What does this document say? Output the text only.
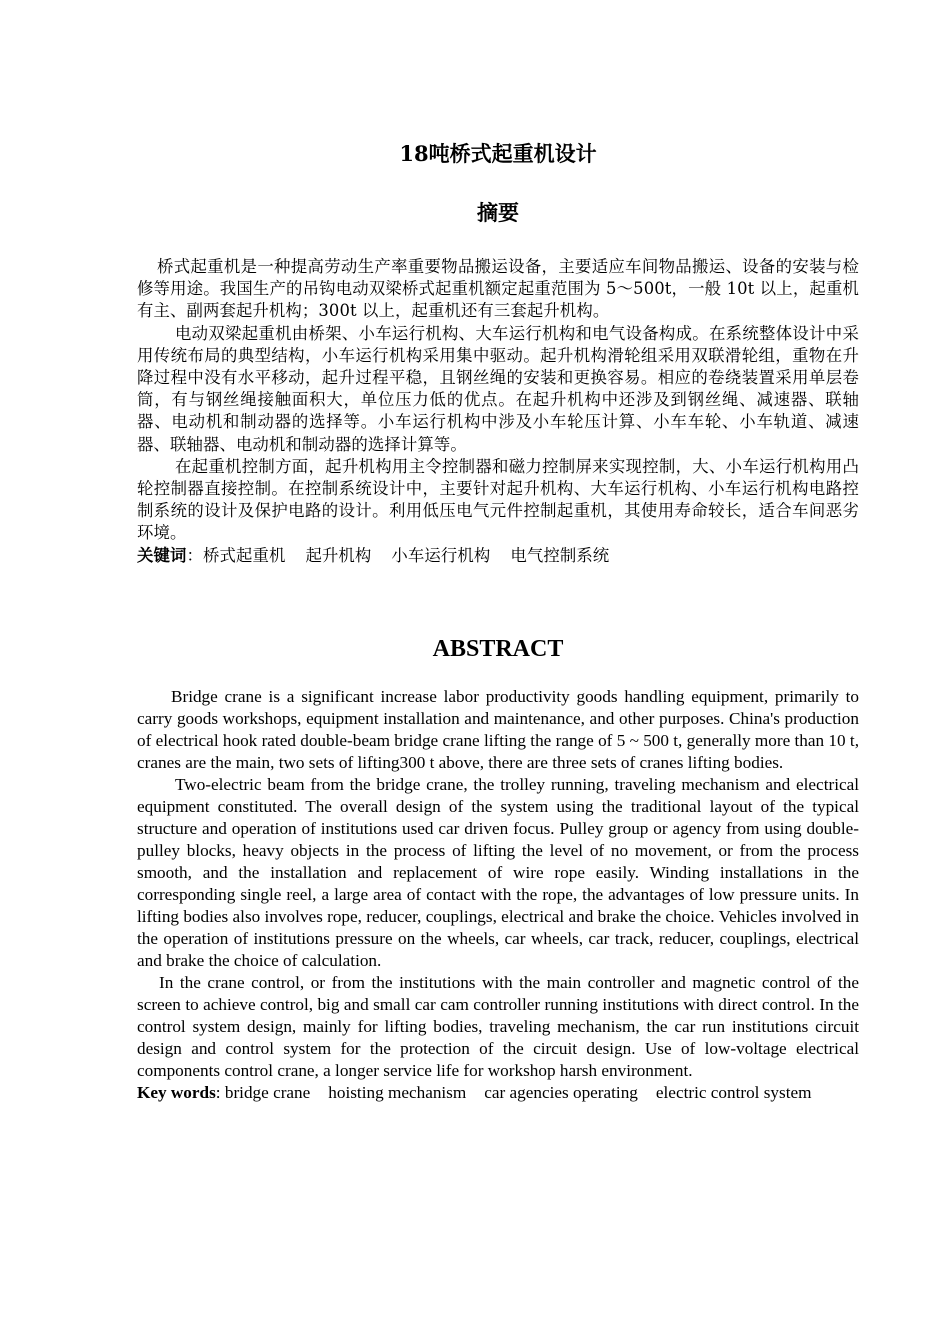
18吨桥式起重机设计
摘要

桥式起重机是一种提高劳动生产率重要物品搬运设备，主要适应车间物品搬运、设备的安装与检修等用途。我国生产的吊钩电动双梁桥式起重机额定起重范围为 5～500t，一般 10t 以上，起重机有主、副两套起升机构；300t 以上，起重机还有三套起升机构。

电动双梁起重机由桥架、小车运行机构、大车运行机构和电气设备构成。在系统整体设计中采用传统布局的典型结构，小车运行机构采用集中驱动。起升机构滑轮组采用双联滑轮组，重物在升降过程中没有水平移动，起升过程平稳，且钢丝绳的安装和更换容易。相应的卷绕装置采用单层卷筒，有与钢丝绳接触面积大，单位压力低的优点。在起升机构中还涉及到钢丝绳、减速器、联轴器、电动机和制动器的选择等。小车运行机构中涉及小车轮压计算、小车车轮、小车轨道、减速器、联轴器、电动机和制动器的选择计算等。

在起重机控制方面，起升机构用主令控制器和磁力控制屏来实现控制，大、小车运行机构用凸轮控制器直接控制。在控制系统设计中，主要针对起升机构、大车运行机构、小车运行机构电路控制系统的设计及保护电路的设计。利用低压电气元件控制起重机，其使用寿命较长，适合车间恶劣环境。

关键词：桥式起重机 起升机构 小车运行机构 电气控制系统

ABSTRACT

Bridge crane is a significant increase labor productivity goods handling equipment, primarily to carry goods workshops, equipment installation and maintenance, and other purposes. China's production of electrical hook rated double-beam bridge crane lifting the range of 5 ~ 500 t, generally more than 10 t, cranes are the main, two sets of lifting300 t above, there are three sets of cranes lifting bodies.

Two-electric beam from the bridge crane, the trolley running, traveling mechanism and electrical equipment constituted. The overall design of the system using the traditional layout of the typical structure and operation of institutions used car driven focus. Pulley group or agency from using double-pulley blocks, heavy objects in the process of lifting the level of no movement, or from the process smooth, and the installation and replacement of wire rope easily. Winding installations in the corresponding single reel, a large area of contact with the rope, the advantages of low pressure units. In lifting bodies also involves rope, reducer, couplings, electrical and brake the choice. Vehicles involved in the operation of institutions pressure on the wheels, car wheels, car track, reducer, couplings, electrical and brake the choice of calculation.

In the crane control, or from the institutions with the main controller and magnetic control of the screen to achieve control, big and small car cam controller running institutions with direct control. In the control system design, mainly for lifting bodies, traveling mechanism, the car run institutions circuit design and control system for the protection of the circuit design. Use of low-voltage electrical components control crane, a longer service life for workshop harsh environment.

Key words: bridge crane hoisting mechanism car agencies operating electric control system
